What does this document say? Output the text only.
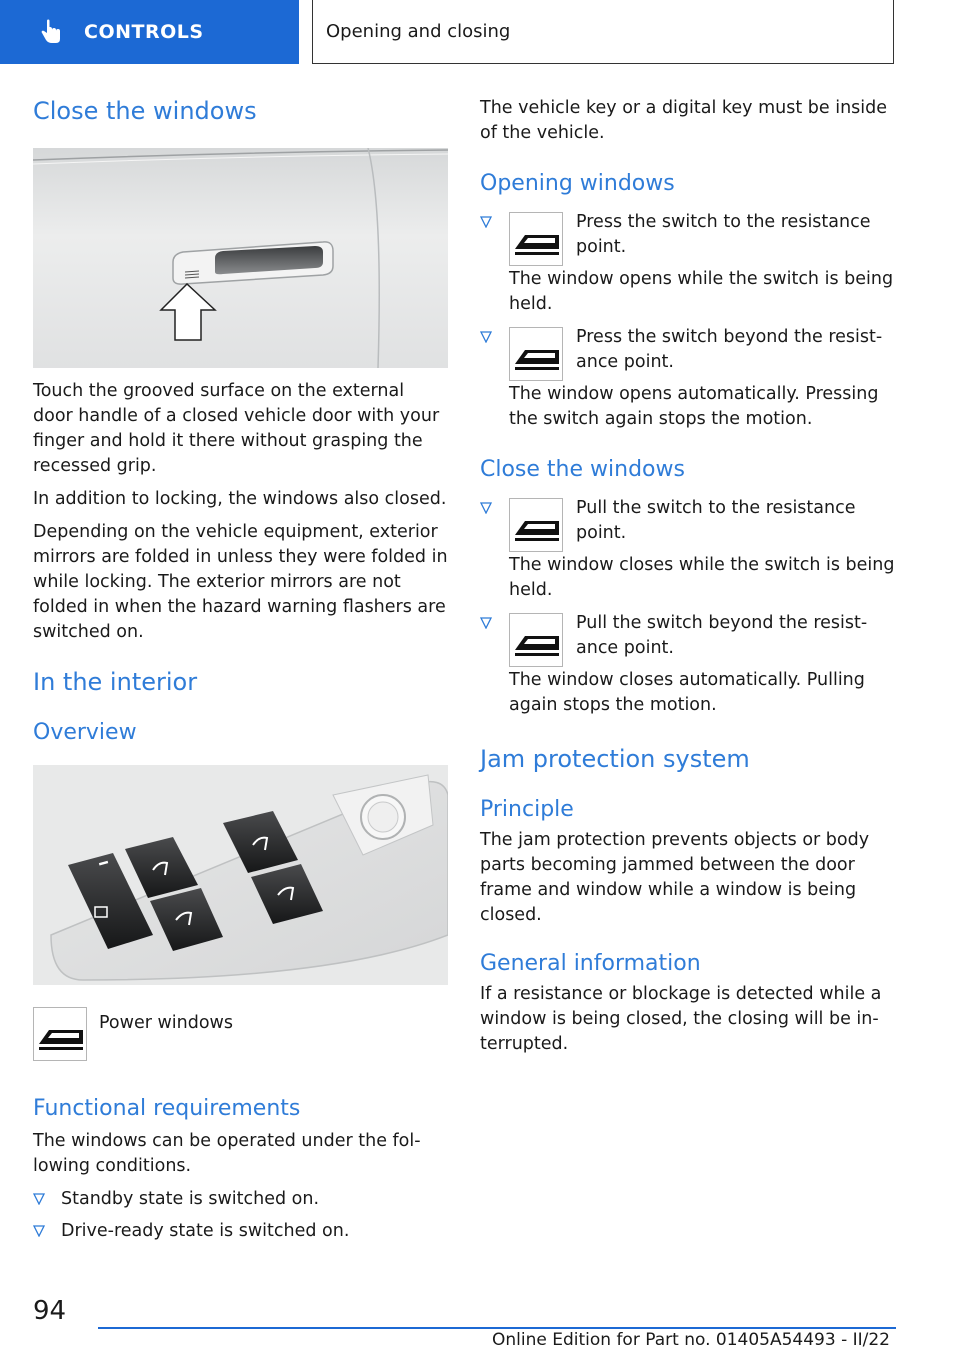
CONTROLS	Opening and closing
Close the windows

Touch the grooved surface on the external door handle of a closed vehicle door with your finger and hold it there without grasping the recessed grip.

In addition to locking, the windows also closed.

Depending on the vehicle equipment, exterior mirrors are folded in unless they were folded in while locking. The exterior mirrors are not folded in when the hazard warning flashers are switched on.

In the interior
Overview
Power windows
Functional requirements

The windows can be operated under the fol-lowing conditions.

Standby state is switched on.
Drive-ready state is switched on.

The vehicle key or a digital key must be inside of the vehicle.

Opening windows
Press the switch to the resistance point.
The window opens while the switch is being held.
Press the switch beyond the resist-ance point.
The window opens automatically. Pressing the switch again stops the motion.
Close the windows
Pull the switch to the resistance point.
The window closes while the switch is being held.
Pull the switch beyond the resist-ance point.
The window closes automatically. Pulling again stops the motion.
Jam protection system
Principle

The jam protection prevents objects or body parts becoming jammed between the door frame and window while a window is being closed.

General information

If a resistance or blockage is detected while a window is being closed, the closing will be in-terrupted.

94
Online Edition for Part no. 01405A54493 - II/22
